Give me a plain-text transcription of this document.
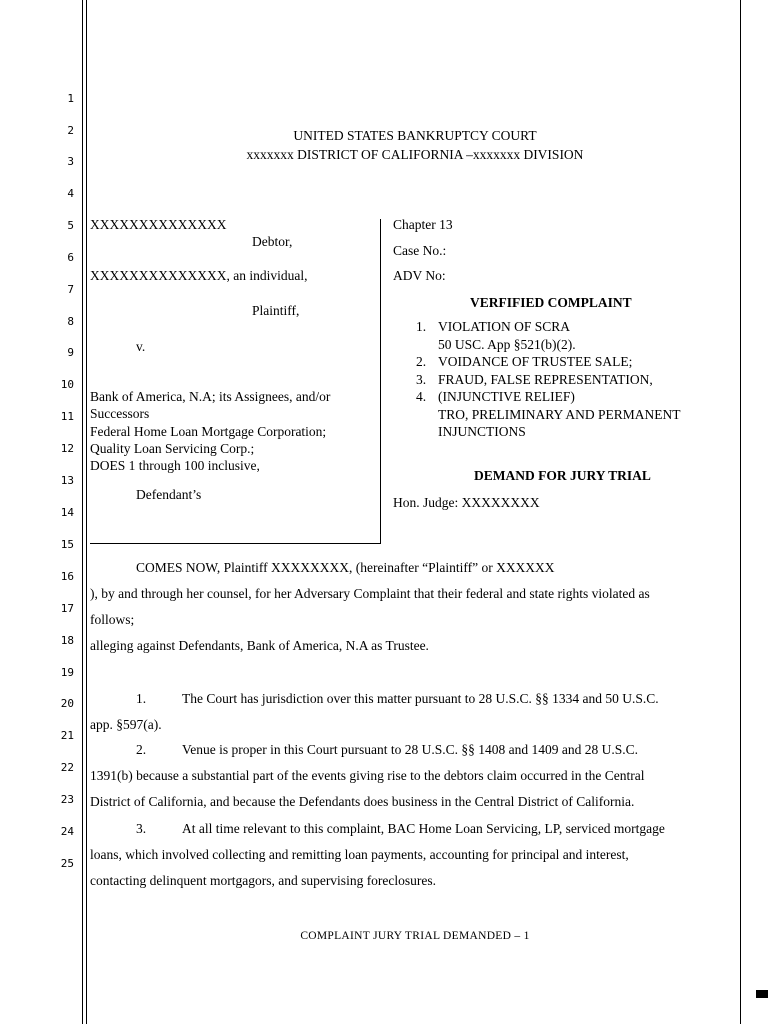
1
2
3
4
5
6
7
8
9
10
11
12
13
14
15
16
17
18
19
20
21
22
23
24
25
UNITED STATES BANKRUPTCY COURT
xxxxxxx DISTRICT OF CALIFORNIA –xxxxxxx DIVISION
XXXXXXXXXXXXXX
Debtor,
XXXXXXXXXXXXXX, an individual,
Plaintiff,
v.
Bank of America, N.A; its Assignees, and/or
Successors
Federal Home Loan Mortgage Corporation;
Quality Loan Servicing Corp.;
DOES 1 through 100 inclusive,
Defendant’s
Chapter 13
Case No.:
ADV No:
VERFIFIED COMPLAINT
1. VIOLATION OF SCRA
50 USC. App §521(b)(2).
2. VOIDANCE OF TRUSTEE SALE;
3. FRAUD, FALSE REPRESENTATION,
4. (INJUNCTIVE RELIEF)
TRO, PRELIMINARY AND PERMANENT
INJUNCTIONS
DEMAND FOR JURY TRIAL
Hon. Judge: XXXXXXXX
COMES NOW, Plaintiff XXXXXXXX, (hereinafter “Plaintiff” or XXXXXX
), by and through her counsel, for her Adversary Complaint that their federal and state rights violated as
follows;
alleging against Defendants, Bank of America, N.A as Trustee.
1.	The Court has jurisdiction over this matter pursuant to 28 U.S.C. §§ 1334 and 50 U.S.C.
app. §597(a).
2.	Venue is proper in this Court pursuant to 28 U.S.C. §§ 1408 and 1409 and 28 U.S.C.
1391(b) because a substantial part of the events giving rise to the debtors claim occurred in the Central
District of California, and because the Defendants does business in the Central District of California.
3.	At all time relevant to this complaint, BAC Home Loan Servicing, LP, serviced mortgage
loans, which involved collecting and remitting loan payments, accounting for principal and interest,
contacting delinquent mortgagors, and supervising foreclosures.
COMPLAINT JURY TRIAL DEMANDED – 1
